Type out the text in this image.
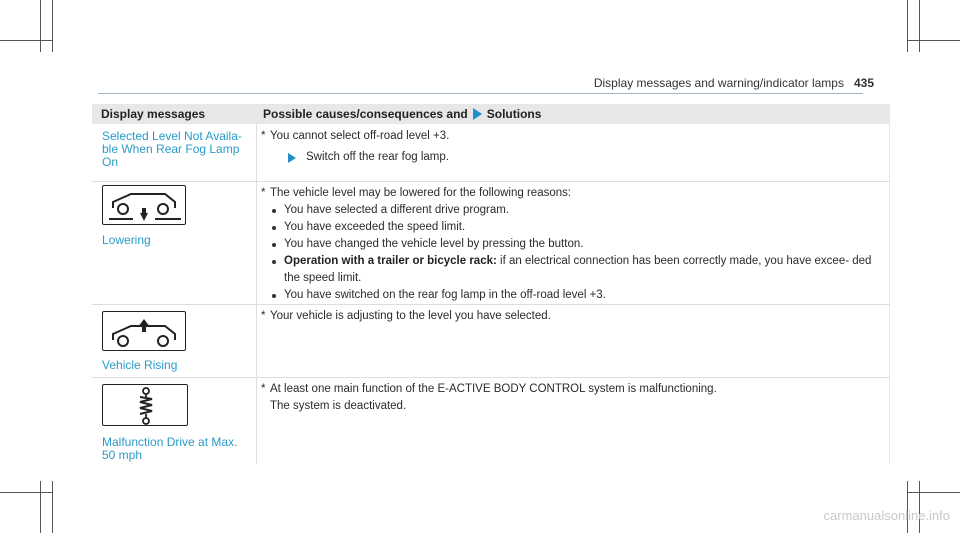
Display messages and warning/indicator lamps 435
Display messages	Possible causes/consequences and Solutions
Selected Level Not Availa- ble When Rear Fog Lamp On
* You cannot select off-road level +3.
Switch off the rear fog lamp.
Lowering
* The vehicle level may be lowered for the following reasons:
You have selected a different drive program.
You have exceeded the speed limit.
You have changed the vehicle level by pressing the button.
Operation with a trailer or bicycle rack: if an electrical connection has been correctly made, you have excee- ded the speed limit.
You have switched on the rear fog lamp in the off-road level +3.
Vehicle Rising
* Your vehicle is adjusting to the level you have selected.
Malfunction Drive at Max. 50 mph
* At least one main function of the E-ACTIVE BODY CONTROL system is malfunctioning.
The system is deactivated.
carmanualsonline.info
